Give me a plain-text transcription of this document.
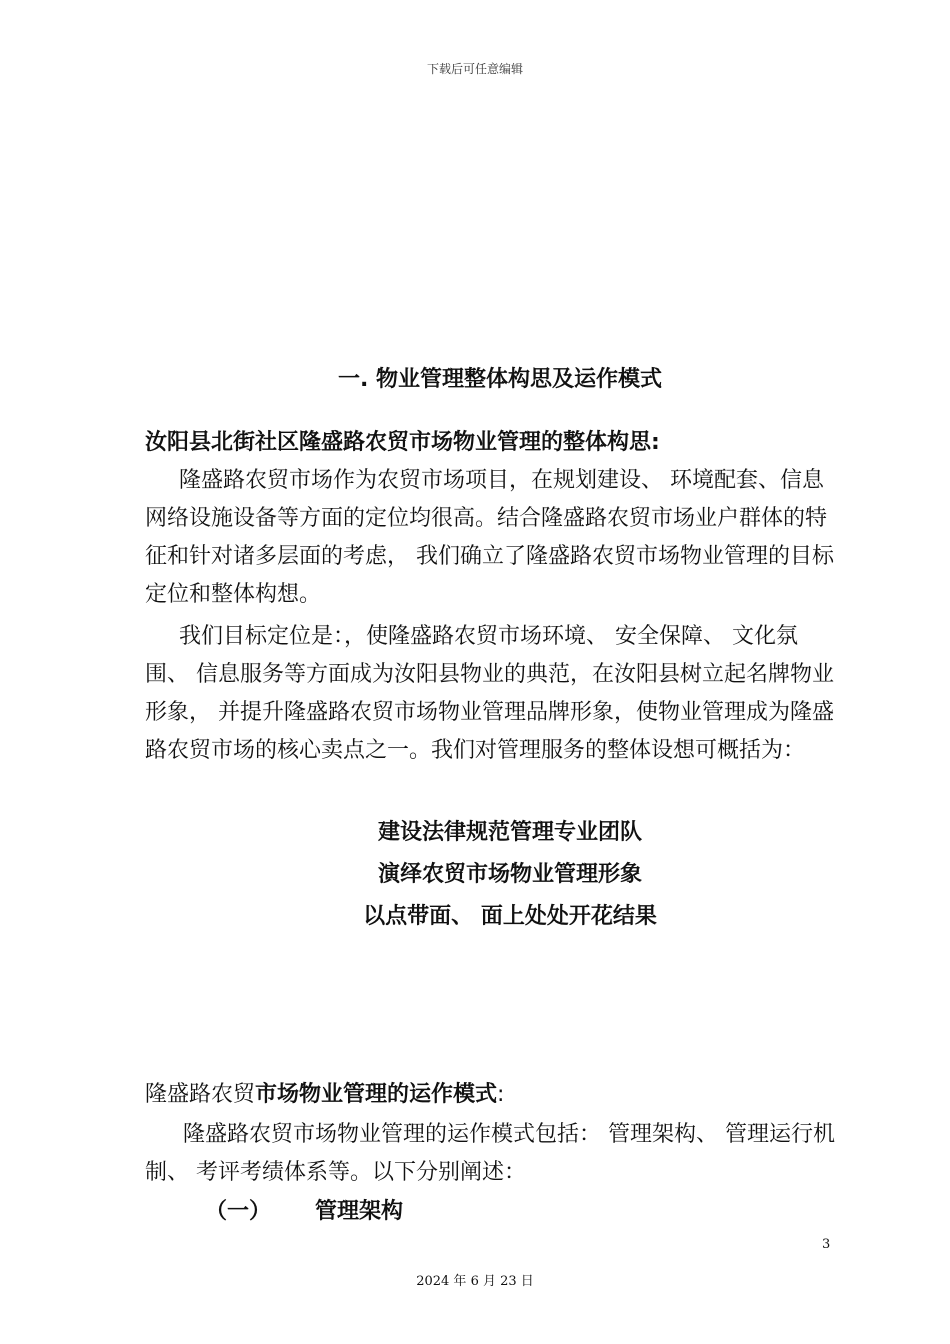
下载后可任意编辑
一. 物业管理整体构思及运作模式
汝阳县北街社区隆盛路农贸市场物业管理的整体构思:
隆盛路农贸市场作为农贸市场项目，在规划建设、 环境配套、信息网络设施设备等方面的定位均很高。结合隆盛路农贸市场业户群体的特征和针对诸多层面的考虑， 我们确立了隆盛路农贸市场物业管理的目标定位和整体构想。
我们目标定位是：，使隆盛路农贸市场环境、 安全保障、 文化氛围、 信息服务等方面成为汝阳县物业的典范，在汝阳县树立起名牌物业形象， 并提升隆盛路农贸市场物业管理品牌形象，使物业管理成为隆盛路农贸市场的核心卖点之一。我们对管理服务的整体设想可概括为：
建设法律规范管理专业团队
演绎农贸市场物业管理形象
以点带面、 面上处处开花结果
隆盛路农贸市场物业管理的运作模式:
隆盛路农贸市场物业管理的运作模式包括： 管理架构、 管理运行机制、 考评考绩体系等。以下分别阐述：
（一） 管理架构
3
2024 年 6 月 23 日
